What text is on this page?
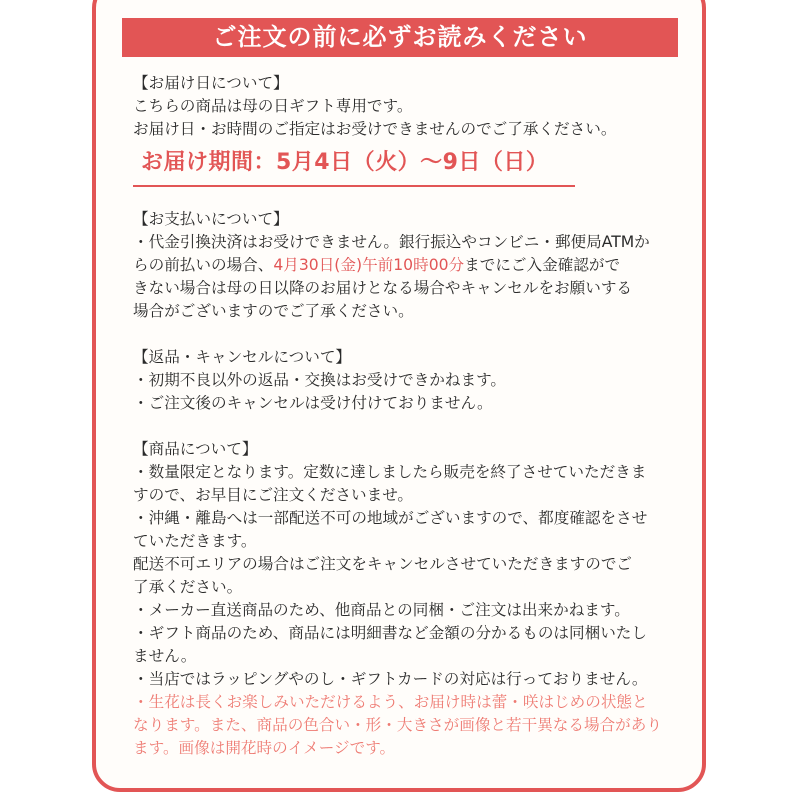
ご注文の前に必ずお読みください
【お届け日について】
こちらの商品は母の日ギフト専用です。
お届け日・お時間のご指定はお受けできませんのでご了承ください。
お届け期間：5月4日（火）〜9日（日）
【お支払いについて】
・代金引換決済はお受けできません。銀行振込やコンビニ・郵便局ATMか
らの前払いの場合、4月30日(金)午前10時00分までにご入金確認がで
きない場合は母の日以降のお届けとなる場合やキャンセルをお願いする
場合がございますのでご了承ください。
【返品・キャンセルについて】
・初期不良以外の返品・交換はお受けできかねます。
・ご注文後のキャンセルは受け付けておりません。
【商品について】
・数量限定となります。定数に達しましたら販売を終了させていただきま
すので、お早目にご注文くださいませ。
・沖縄・離島へは一部配送不可の地域がございますので、都度確認をさせ
ていただきます。
配送不可エリアの場合はご注文をキャンセルさせていただきますのでご
了承ください。
・メーカー直送商品のため、他商品との同梱・ご注文は出来かねます。
・ギフト商品のため、商品には明細書など金額の分かるものは同梱いたし
ません。
・当店ではラッピングやのし・ギフトカードの対応は行っておりません。
・生花は長くお楽しみいただけるよう、お届け時は蕾・咲はじめの状態と
なります。また、商品の色合い・形・大きさが画像と若干異なる場合があり
ます。画像は開花時のイメージです。
